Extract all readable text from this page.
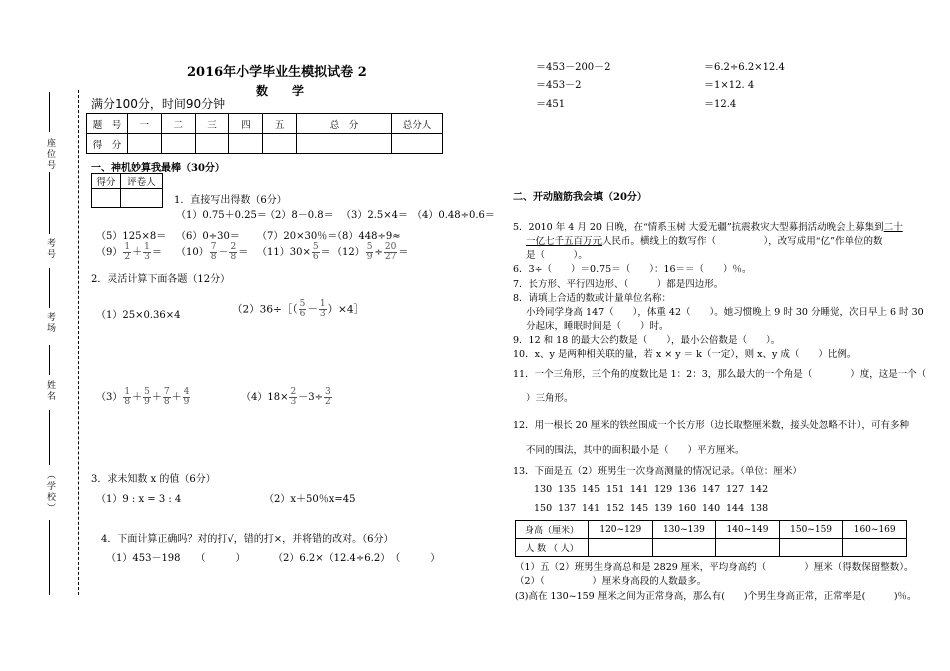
座位号
考号
考场
姓名
（学校）
2016年小学毕业生模拟试卷 2
数　　学
满分100分，时间90分钟
题　号	一	二	三	四	五	总　分	总分人
得　分							
一、神机妙算我最棒（30分）
得分	评卷人

1．直接写出得数（6分）
（1）0.75＋0.25＝
（2）8－0.8＝ （3）2.5×4＝ （4）0.48÷0.6＝
（5）125×8＝ （6）0÷30＝ （7）20×30％＝
（8）448÷9≈
$(9) \frac{1}{2} + \frac{1}{3} = (10) \frac{7}{8} - \frac{2}{8} = (11)30\times \frac{5}{6} = (12) \frac{5}{9} \div \frac{20}{27}$ ＝
2．灵活计算下面各题（12分）
（1）25×0.36×4	（2）36÷［（ $\frac{5}{6} - \frac{1}{3}$ ）×4］
$(3) \frac{1}{8} + \frac{5}{9} + \frac{7}{8} + \frac{4}{9}$	$(4)18\times \frac{2}{3} -3\div \frac{3}{2}$
3．求未知数 x 的值（6分）
（1）9 : x = 3 : 4	（2）x＋50％x=45
4．下面计算正确吗？对的打√，错的打×，并将错的改对。（6分）
（1）453－198　　（　　　）	（2）6.2×（12.4÷6.2）　（　　　）
＝453－200－2	＝6.2÷6.2×12.4
＝453－2	＝1×12. 4
＝451	＝12.4
二、开动脑筋我会填（20分）
5．2010 年 4 月 20 日晚，在“情系玉树 大爱无疆”抗震救灾大型募捐活动晚会上募集到二十
一亿七千五百万元人民币。横线上的数写作（　　　　　），改写成用“亿”作单位的数
是（　　　）。
6．3÷（　　）＝0.75＝（　　）：16＝＝（　　）％。
7．长方形、平行四边形、（　　　）都是四边形。
8．请填上合适的数或计量单位名称：
小玲同学身高 147（　　），体重 42（　　）。她习惯晚上 9 时 30 分睡觉，次日早上 6 时 30
分起床，睡眠时间是（　　）时。
9．12 和 18 的最大公约数是（　　），最小公倍数是（　　）。
10．x、y 是两种相关联的量，若 x × y ＝ k（一定），则 x、y 成（　　）比例。
11．一个三角形，三个角的度数比是 1：2：3，那么最大的一个角是（　　　　）度，这是一个（
）三角形。
12．用一根长 20 厘米的铁丝围成一个长方形（边长取整厘米数，接头处忽略不计），可有多种
不同的围法，其中的面积最小是（　　）平方厘米。
13．下面是五（2）班男生一次身高测量的情况记录。（单位：厘米）
130 135 145 151 141 129 136 147 127 142
150 137 141 152 145 139 160 140 144 138
身高（厘米）	120~129	130~139	140~149	150~159	160~169
人 数 （ 人）					
（1）五（2）班男生身高总和是 2829 厘米，平均身高约（　　　　）厘米（得数保留整数）。
（2）（　　　　　）厘米身高段的人数最多。
(3)高在 130~159 厘米之间为正常身高，那么有(　　)个男生身高正常，正常率是(　　　)％。
